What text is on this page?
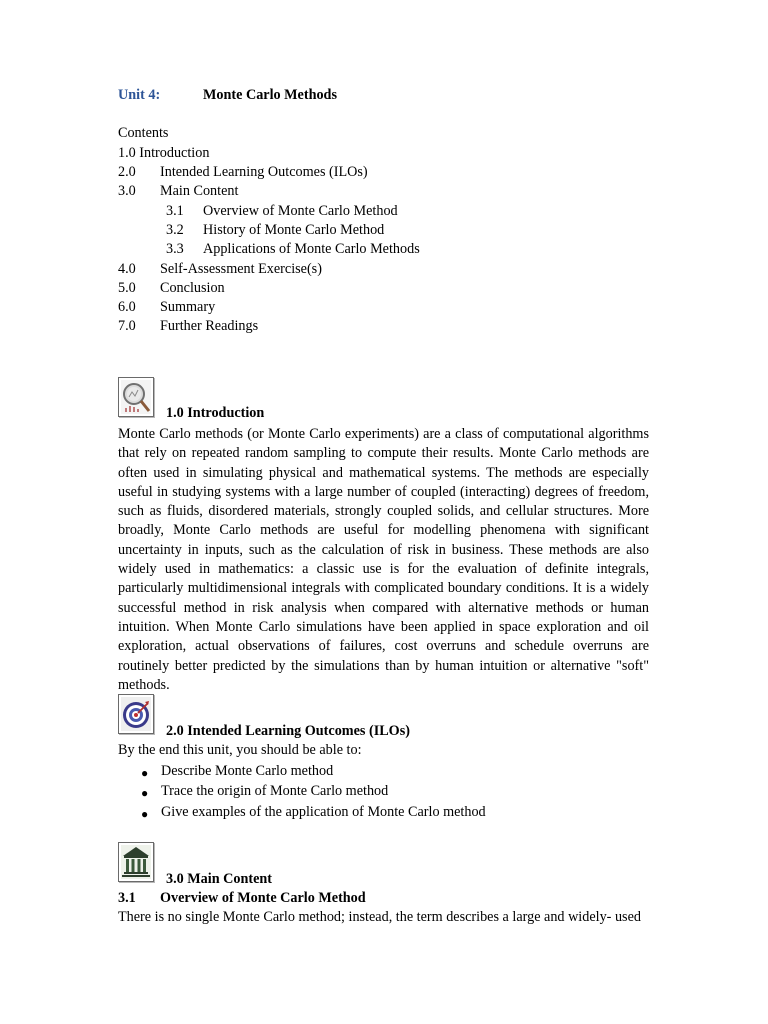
Unit 4:	Monte Carlo Methods
Contents
1.0 Introduction
2.0 Intended Learning Outcomes (ILOs)
3.0 Main Content
3.1 Overview of Monte Carlo Method
3.2 History of Monte Carlo Method
3.3 Applications of Monte Carlo Methods
4.0 Self-Assessment Exercise(s)
5.0 Conclusion
6.0 Summary
7.0 Further Readings
1.0 Introduction
Monte Carlo methods (or Monte Carlo experiments) are a class of computational algorithms that rely on repeated random sampling to compute their results. Monte Carlo methods are often used in simulating physical and mathematical systems. The methods are especially useful in studying systems with a large number of coupled (interacting) degrees of freedom, such as fluids, disordered materials, strongly coupled solids, and cellular structures. More broadly, Monte Carlo methods are useful for modelling phenomena with significant uncertainty in inputs, such as the calculation of risk in business. These methods are also widely used in mathematics: a classic use is for the evaluation of definite integrals, particularly multidimensional integrals with complicated boundary conditions. It is a widely successful method in risk analysis when compared with alternative methods or human intuition. When Monte Carlo simulations have been applied in space exploration and oil exploration, actual observations of failures, cost overruns and schedule overruns are routinely better predicted by the simulations than by human intuition or alternative "soft" methods.
2.0 Intended Learning Outcomes (ILOs)
By the end this unit, you should be able to:
● Describe Monte Carlo method
● Trace the origin of Monte Carlo method
● Give examples of the application of Monte Carlo method
3.0 Main Content
3.1 Overview of Monte Carlo Method
There is no single Monte Carlo method; instead, the term describes a large and widely- used
